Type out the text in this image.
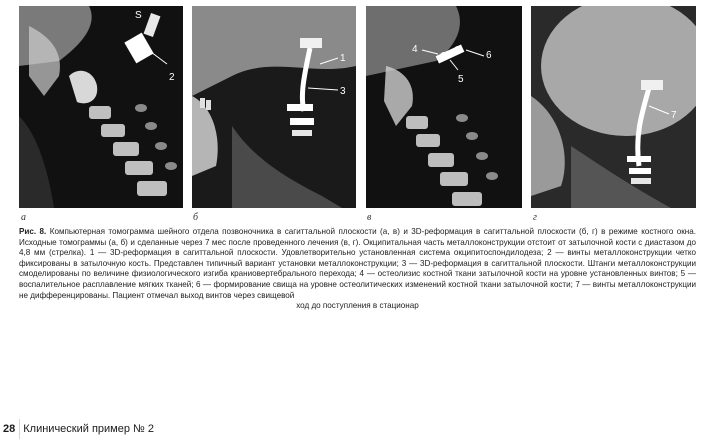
S
2
1
3
4
6
5
7
а	б	в	г

Рис. 8. Компьютерная томограмма шейного отдела позвоночника в сагиттальной плоскости (а, в) и 3D-реформация в сагиттальной плоскости (б, г) в режиме костного окна. Исходные томограммы (а, б) и сделанные через 7 мес после проведенного лечения (в, г). Окципитальная часть металлоконструкции отстоит от затылочной кости с диастазом до 4,8 мм (стрелка). 1 — 3D-реформация в сагиттальной плоскости. Удовлетворительно установленная система окципитоспондилодеза; 2 — винты металлоконструкции четко фиксированы в затылочную кость. Представлен типичный вариант установки металлоконструкции; 3 — 3D-реформация в сагиттальной плоскости. Штанги металлоконструкции смоделированы по величине физиологического изгиба краниовертебрального перехода; 4 — остеолизис костной ткани затылочной кости на уровне установленных винтов; 5 — воспалительное расплавление мягких тканей; 6 — формирование свища на уровне остеолитических изменений костной ткани затылочной кости; 7 — винты металлоконструкции не дифференцированы. Пациент отмечал выход винтов через свищевой

ход до поступления в стационар

28 Клинический пример № 2
